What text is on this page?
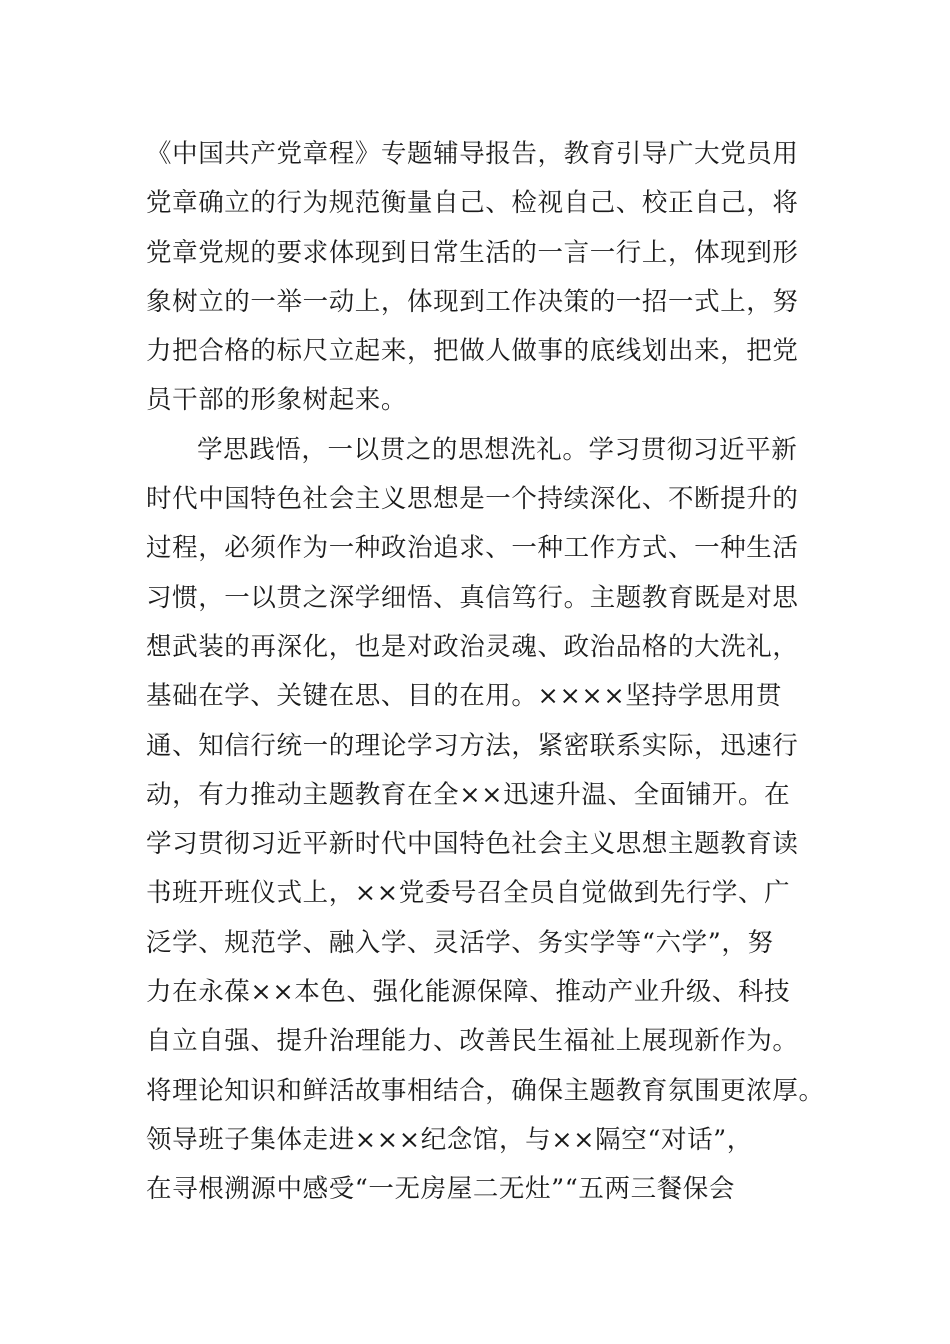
《中国共产党章程》专题辅导报告，教育引导广大党员用
党章确立的行为规范衡量自己、检视自己、校正自己，将
党章党规的要求体现到日常生活的一言一行上，体现到形
象树立的一举一动上，体现到工作决策的一招一式上，努
力把合格的标尺立起来，把做人做事的底线划出来，把党
员干部的形象树起来。
学思践悟，一以贯之的思想洗礼。学习贯彻习近平新
时代中国特色社会主义思想是一个持续深化、不断提升的
过程，必须作为一种政治追求、一种工作方式、一种生活
习惯，一以贯之深学细悟、真信笃行。主题教育既是对思
想武装的再深化，也是对政治灵魂、政治品格的大洗礼，
基础在学、关键在思、目的在用。××××坚持学思用贯
通、知信行统一的理论学习方法，紧密联系实际，迅速行
动，有力推动主题教育在全××迅速升温、全面铺开。在
学习贯彻习近平新时代中国特色社会主义思想主题教育读
书班开班仪式上，××党委号召全员自觉做到先行学、广
泛学、规范学、融入学、灵活学、务实学等“六学”，努
力在永葆××本色、强化能源保障、推动产业升级、科技
自立自强、提升治理能力、改善民生福祉上展现新作为。
将理论知识和鲜活故事相结合，确保主题教育氛围更浓厚。
领导班子集体走进×××纪念馆，与××隔空“对话”，
在寻根溯源中感受“一无房屋二无灶”“五两三餐保会
